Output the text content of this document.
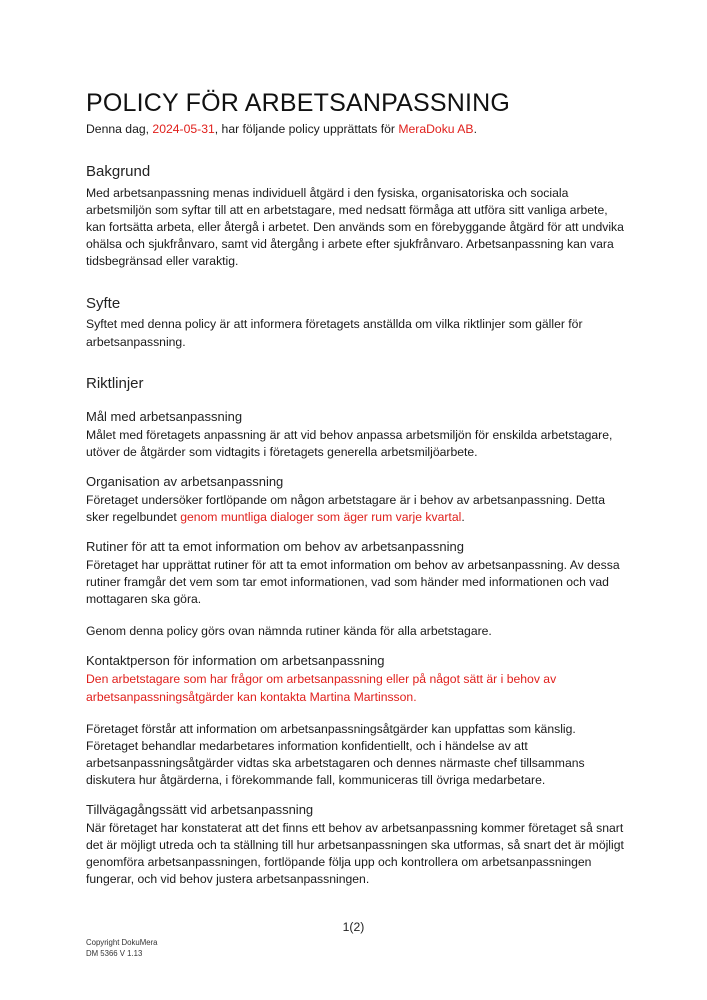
POLICY FÖR ARBETSANPASSNING
Denna dag, 2024-05-31, har följande policy upprättats för MeraDoku AB.
Bakgrund

Med arbetsanpassning menas individuell åtgärd i den fysiska, organisatoriska och sociala arbetsmiljön som syftar till att en arbetstagare, med nedsatt förmåga att utföra sitt vanliga arbete, kan fortsätta arbeta, eller återgå i arbetet. Den används som en förebyggande åtgärd för att undvika ohälsa och sjukfrånvaro, samt vid återgång i arbete efter sjukfrånvaro. Arbetsanpassning kan vara tidsbegränsad eller varaktig.

Syfte

Syftet med denna policy är att informera företagets anställda om vilka riktlinjer som gäller för arbetsanpassning.

Riktlinjer
Mål med arbetsanpassning

Målet med företagets anpassning är att vid behov anpassa arbetsmiljön för enskilda arbetstagare, utöver de åtgärder som vidtagits i företagets generella arbetsmiljöarbete.

Organisation av arbetsanpassning

Företaget undersöker fortlöpande om någon arbetstagare är i behov av arbetsanpassning. Detta sker regelbundet genom muntliga dialoger som äger rum varje kvartal.

Rutiner för att ta emot information om behov av arbetsanpassning

Företaget har upprättat rutiner för att ta emot information om behov av arbetsanpassning. Av dessa rutiner framgår det vem som tar emot informationen, vad som händer med informationen och vad mottagaren ska göra.

Genom denna policy görs ovan nämnda rutiner kända för alla arbetstagare.

Kontaktperson för information om arbetsanpassning

Den arbetstagare som har frågor om arbetsanpassning eller på något sätt är i behov av arbetsanpassningsåtgärder kan kontakta Martina Martinsson.

Företaget förstår att information om arbetsanpassningsåtgärder kan uppfattas som känslig. Företaget behandlar medarbetares information konfidentiellt, och i händelse av att arbetsanpassningsåtgärder vidtas ska arbetstagaren och dennes närmaste chef tillsammans diskutera hur åtgärderna, i förekommande fall, kommuniceras till övriga medarbetare.

Tillvägagångssätt vid arbetsanpassning

När företaget har konstaterat att det finns ett behov av arbetsanpassning kommer företaget så snart det är möjligt utreda och ta ställning till hur arbetsanpassningen ska utformas, så snart det är möjligt genomföra arbetsanpassningen, fortlöpande följa upp och kontrollera om arbetsanpassningen fungerar, och vid behov justera arbetsanpassningen.

1(2)
Copyright DokuMera
DM 5366 V 1.13
